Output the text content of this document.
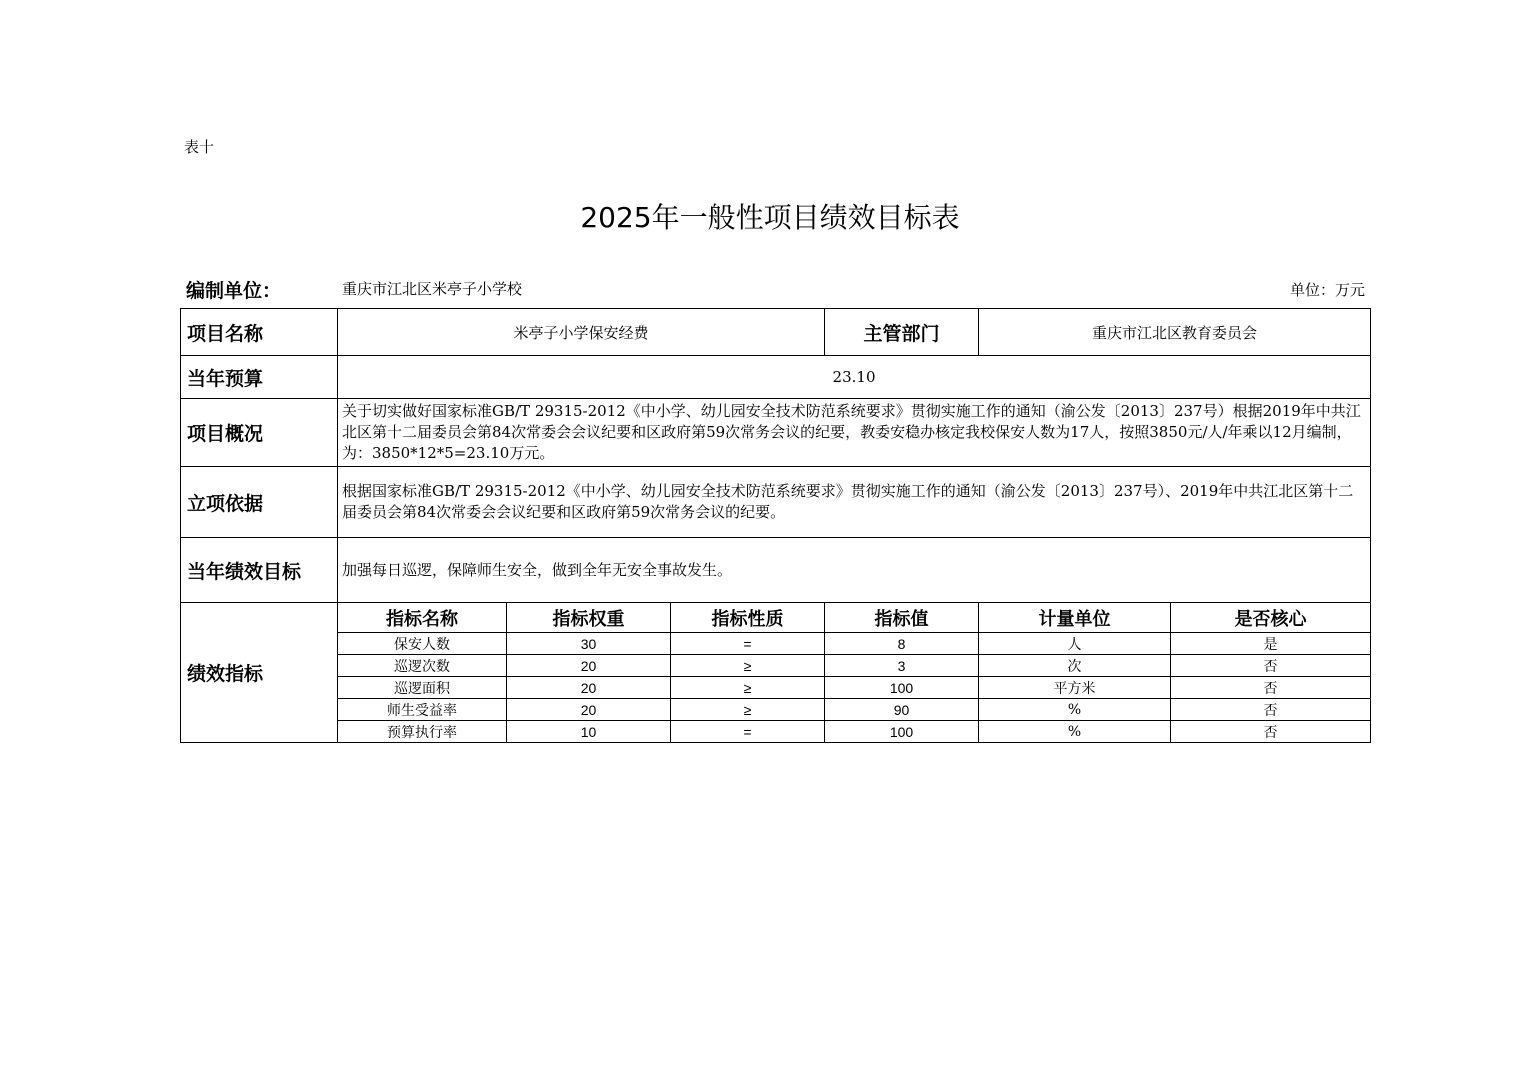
表十
2025年一般性项目绩效目标表
编制单位：	重庆市江北区米亭子小学校	单位：万元
项目名称	米亭子小学保安经费			主管部门	重庆市江北区教育委员会	
当年预算	23.10					
项目概况	关于切实做好国家标准GB/T 29315-2012《中小学、幼儿园安全技术防范系统要求》贯彻实施工作的通知（渝公发〔2013〕237号）根据2019年中共江北区第十二届委员会第84次常委会会议纪要和区政府第59次常务会议的纪要，教委安稳办核定我校保安人数为17人，按照3850元/人/年乘以12月编制，为：3850*12*5=23.10万元。					
立项依据	根据国家标准GB/T 29315-2012《中小学、幼儿园安全技术防范系统要求》贯彻实施工作的通知（渝公发〔2013〕237号）、2019年中共江北区第十二届委员会第84次常委会会议纪要和区政府第59次常务会议的纪要。					
当年绩效目标	加强每日巡逻，保障师生安全，做到全年无安全事故发生。					
绩效指标	指标名称	指标权重	指标性质	指标值	计量单位	是否核心
	保安人数	30	=	8	人	是
	巡逻次数	20	≥	3	次	否
	巡逻面积	20	≥	100	平方米	否
	师生受益率	20	≥	90	%	否
	预算执行率	10	=	100	%	否
